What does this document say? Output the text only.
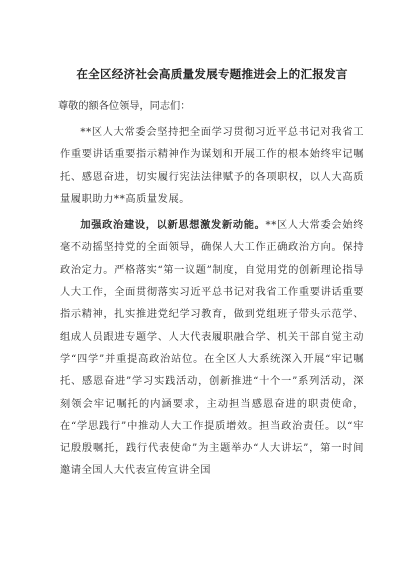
在全区经济社会高质量发展专题推进会上的汇报发言
尊敬的额各位领导，同志们：

**区人大常委会坚持把全面学习贯彻习近平总书记对我省工作重要讲话重要指示精神作为谋划和开展工作的根本始终牢记嘱托、感恩奋进，切实履行宪法法律赋予的各项职权，以人大高质量履职助力**高质量发展。

加强政治建设，以新思想激发新动能。**区人大常委会始终毫不动摇坚持党的全面领导，确保人大工作正确政治方向。保持政治定力。严格落实“第一议题”制度，自觉用党的创新理论指导人大工作，全面贯彻落实习近平总书记对我省工作重要讲话重要指示精神，扎实推进党纪学习教育，做到党组班子带头示范学、组成人员跟进专题学、人大代表履职融合学、机关干部自觉主动学“四学”并重提高政治站位。在全区人大系统深入开展“牢记嘱托、感恩奋进”学习实践活动，创新推进“十个一”系列活动，深刻领会牢记嘱托的内涵要求，主动担当感恩奋进的职责使命，在“学思践行”中推动人大工作提质增效。担当政治责任。以“牢记殷殷嘱托，践行代表使命”为主题举办“人大讲坛”，第一时间邀请全国人大代表宣传宣讲全国
